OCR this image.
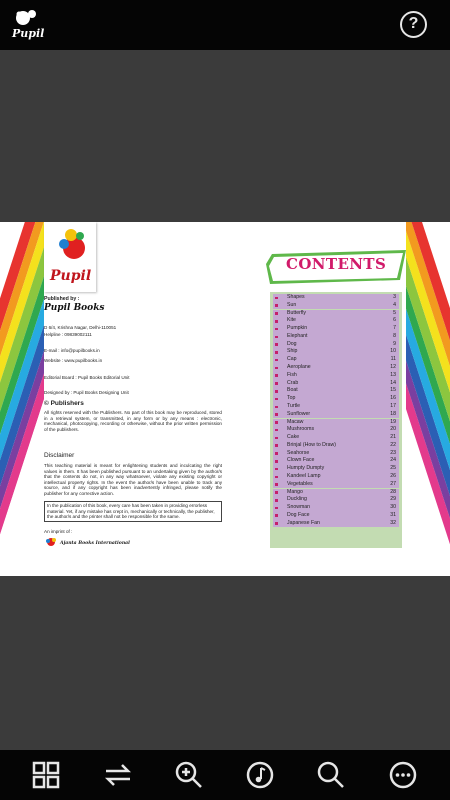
Pupil
?
Pupil
Published by :
Pupil Books
D 6/4, Krishna Nagar, Delhi-110051
Helpline : 09839002111
E-mail : info@pupilbooks.in
Website : www.pupilbooks.in
Editorial Board : Pupil Books Editorial Unit
Designed by : Pupil Books Designing Unit
© Publishers
All rights reserved with the Publishers. No part of this book may be reproduced, stored in a retrieval system, or transmitted, in any form or by any means : electronic, mechanical, photocopying, recording or otherwise, without the prior written permission of the publishers.
Disclaimer
This teaching material is meant for enlightening students and inculcating the right values in them. It has been published pursuant to an undertaking given by the author/s that the contents do not, in any way whatsoever, violate any existing copyright or intellectual property rights. In the event the author/s have been unable to track any source, and if any copyright has been inadvertently infringed, please notify the publisher for any corrective action.
In the publication of this book, every care has been taken in providing errorless material. Yet, if any mistake has crept in, mechanically or technically, the publisher, the author/s and the printer shall not be responsible for the same.
An imprint of :
Ajanta Books International
CONTENTS
Shapes	3
Sun	4
Butterfly	5
Kite	6
Pumpkin	7
Elephant	8
Dog	9
Ship	10
Cap	11
Aeroplane	12
Fish	13
Crab	14
Boat	15
Top	16
Turtle	17
Sunflower	18
Macaw	19
Mushrooms	20
Cake	21
Brinjal (How to Draw)	22
Seahorse	23
Clown Face	24
Humpty Dumpty	25
Kandeel Lamp	26
Vegetables	27
Mango	28
Duckling	29
Snowman	30
Dog Face	31
Japanese Fan	32
